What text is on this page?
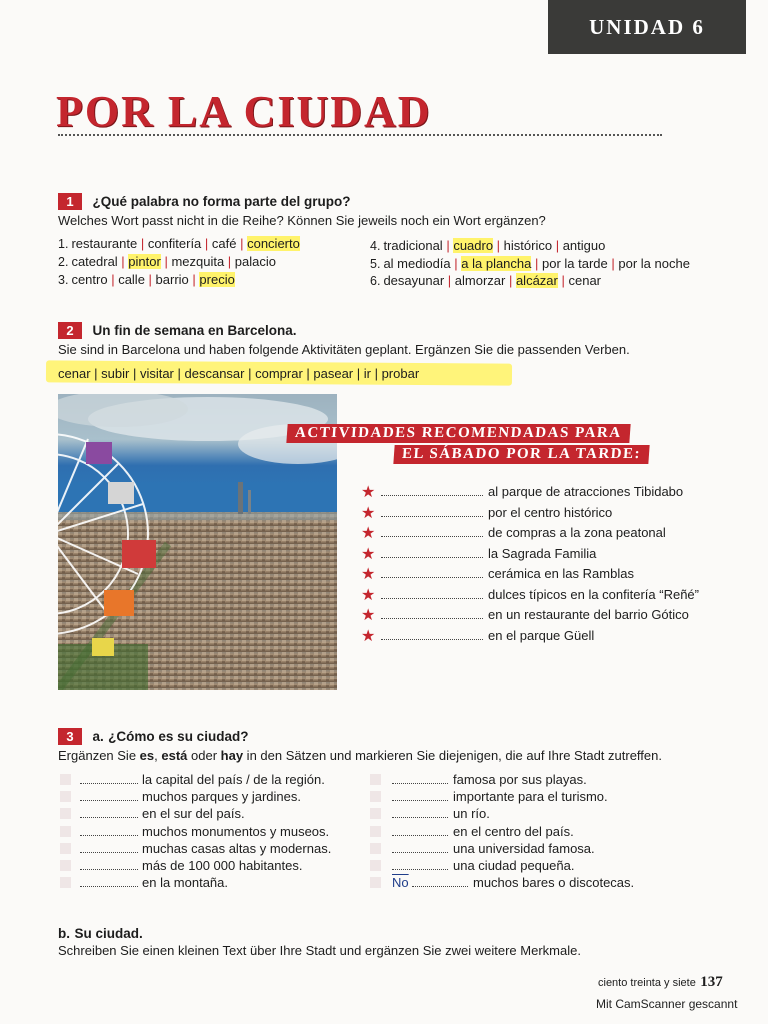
UNIDAD 6
POR LA CIUDAD
1 ¿Qué palabra no forma parte del grupo?
Welches Wort passt nicht in die Reihe? Können Sie jeweils noch ein Wort ergänzen?
1. restaurante | confitería | café | concierto
2. catedral | pintor | mezquita | palacio
3. centro | calle | barrio | precio
4. tradicional | cuadro | histórico | antiguo
5. al mediodía | a la plancha | por la tarde | por la noche
6. desayunar | almorzar | alcázar | cenar
2 Un fin de semana en Barcelona.
Sie sind in Barcelona und haben folgende Aktivitäten geplant. Ergänzen Sie die passenden Verben.
cenar | subir | visitar | descansar | comprar | pasear | ir | probar
ACTIVIDADES RECOMENDADAS PARA
EL SÁBADO POR LA TARDE:
★	al parque de atracciones Tibidabo
★	por el centro histórico
★	de compras a la zona peatonal
★	la Sagrada Familia
★	cerámica en las Ramblas
★	dulces típicos en la confitería “Reñé”
★	en un restaurante del barrio Gótico
★	en el parque Güell
3 a. ¿Cómo es su ciudad?
Ergänzen Sie es, está oder hay in den Sätzen und markieren Sie diejenigen, die auf Ihre Stadt zutreffen.
la capital del país / de la región.
muchos parques y jardines.
en el sur del país.
muchos monumentos y museos.
muchas casas altas y modernas.
más de 100 000 habitantes.
en la montaña.
famosa por sus playas.
importante para el turismo.
un río.
en el centro del país.
una universidad famosa.
una ciudad pequeña.
$\overline{No}$	muchos bares o discotecas.
b. Su ciudad.
Schreiben Sie einen kleinen Text über Ihre Stadt und ergänzen Sie zwei weitere Merkmale.
ciento treinta y siete 137
Mit CamScanner gescannt
